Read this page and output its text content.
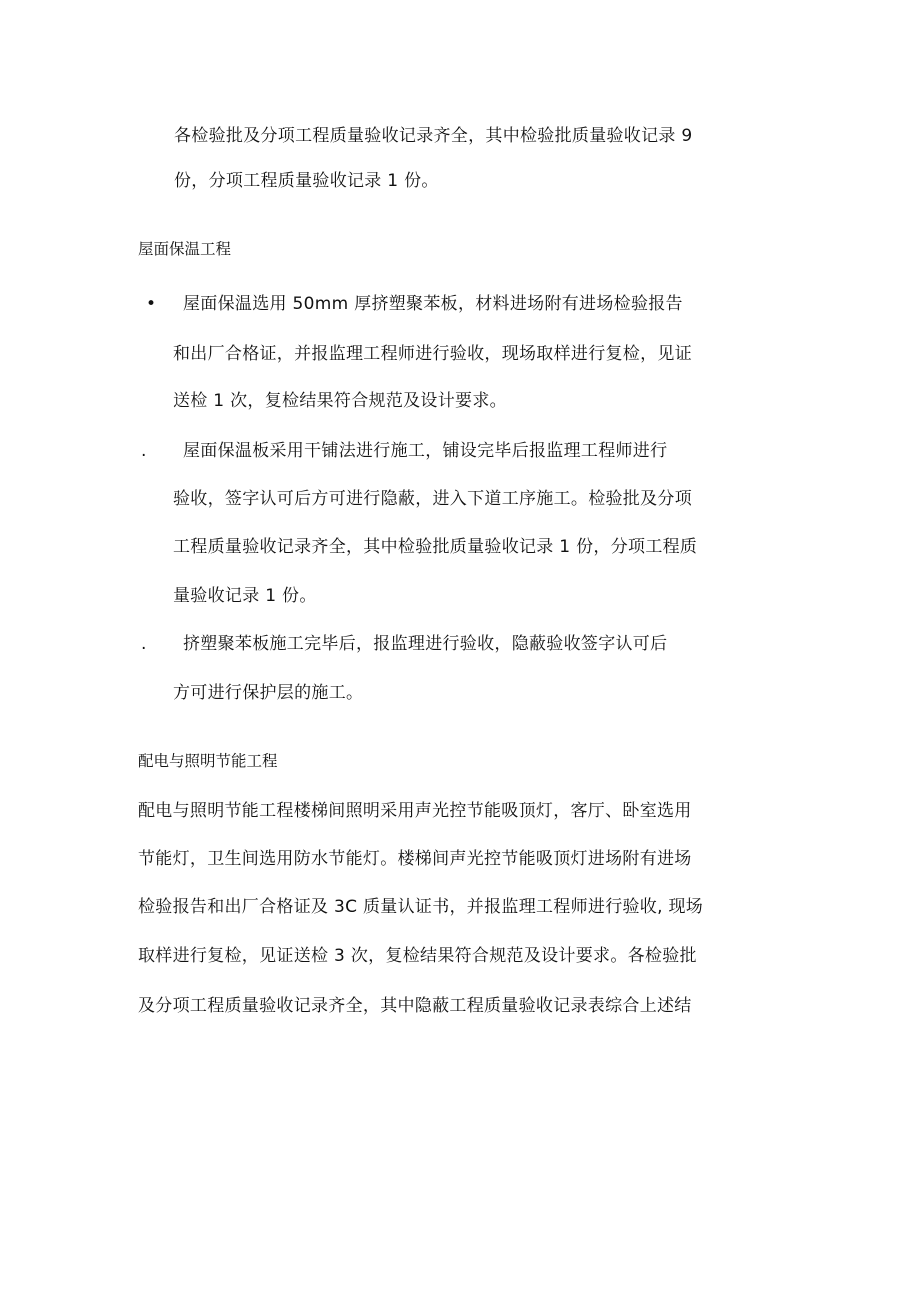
各检验批及分项工程质量验收记录齐全，其中检验批质量验收记录 9
份，分项工程质量验收记录 1 份。
屋面保温工程
• 屋面保温选用 50mm 厚挤塑聚苯板，材料进场附有进场检验报告
和出厂合格证，并报监理工程师进行验收，现场取样进行复检，见证
送检 1 次，复检结果符合规范及设计要求。
. 屋面保温板采用干铺法进行施工，铺设完毕后报监理工程师进行
验收，签字认可后方可进行隐蔽，进入下道工序施工。检验批及分项
工程质量验收记录齐全，其中检验批质量验收记录 1 份，分项工程质
量验收记录 1 份。
. 挤塑聚苯板施工完毕后，报监理进行验收，隐蔽验收签字认可后
方可进行保护层的施工。
配电与照明节能工程
配电与照明节能工程楼梯间照明采用声光控节能吸顶灯，客厅、卧室选用
节能灯，卫生间选用防水节能灯。楼梯间声光控节能吸顶灯进场附有进场
检验报告和出厂合格证及 3C 质量认证书，并报监理工程师进行验收, 现场
取样进行复检，见证送检 3 次，复检结果符合规范及设计要求。各检验批
及分项工程质量验收记录齐全，其中隐蔽工程质量验收记录表综合上述结
